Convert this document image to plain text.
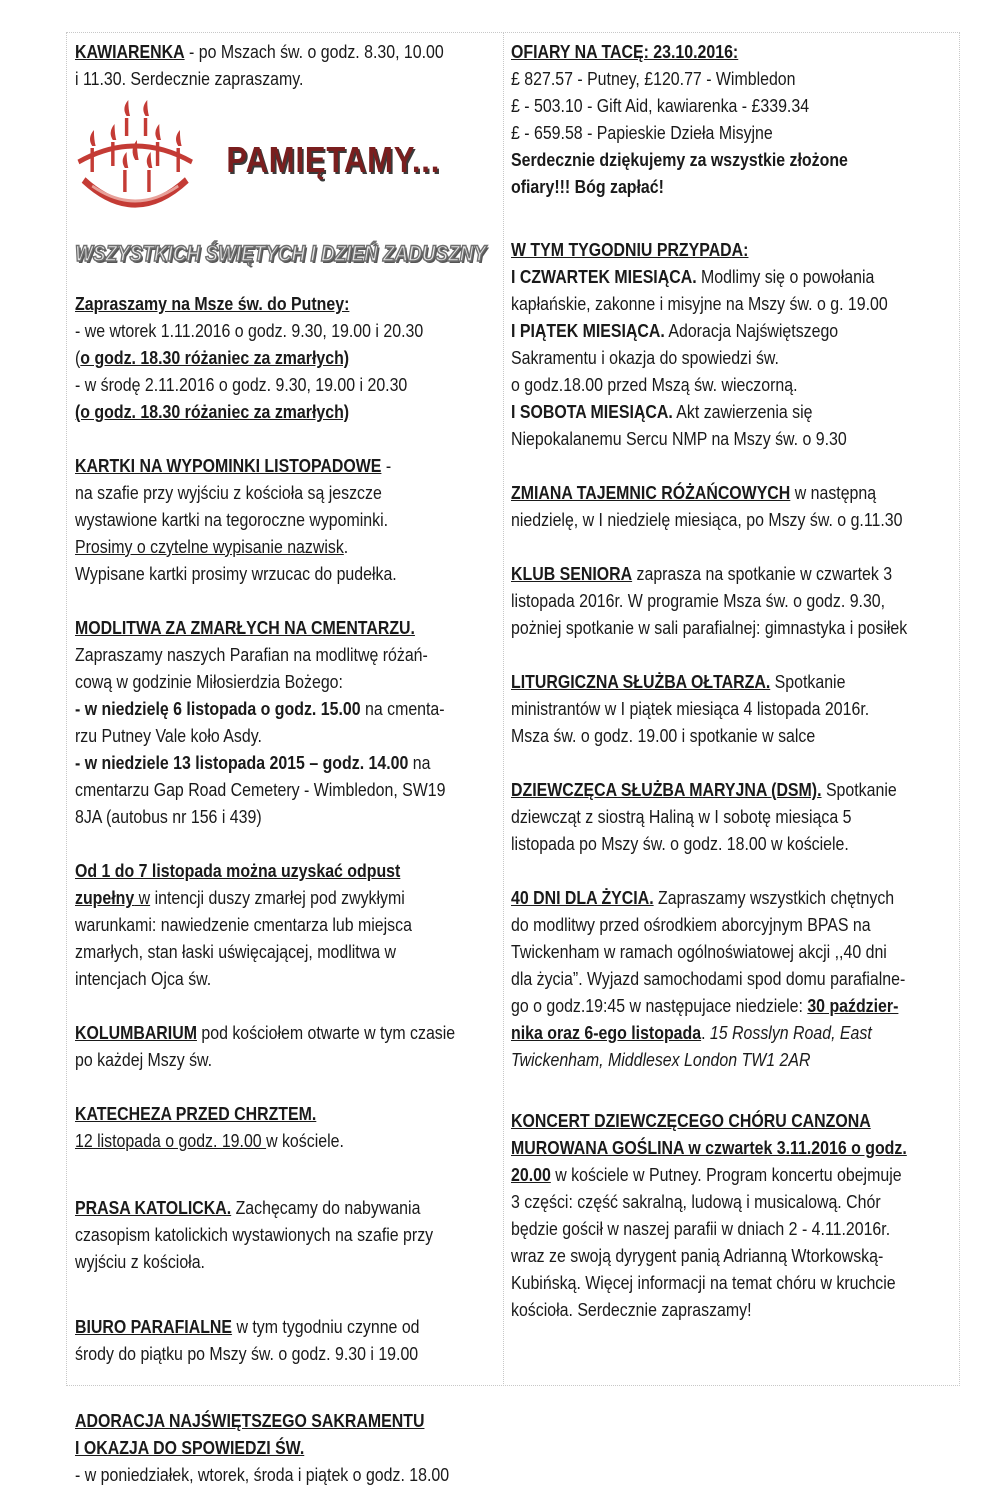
KAWIARENKA - po Mszach św. o godz. 8.30, 10.00

i 11.30. Serdecznie zapraszamy.

PAMIĘTAMY...
WSZYSTKICH ŚWIĘTYCH I DZIEŃ ZADUSZNY

Zapraszamy na Msze św. do Putney:

- we wtorek 1.11.2016 o godz. 9.30, 19.00 i 20.30

(o godz. 18.30 różaniec za zmarłych)

- w środę 2.11.2016 o godz. 9.30, 19.00 i 20.30

(o godz. 18.30 różaniec za zmarłych)

KARTKI NA WYPOMINKI LISTOPADOWE -

na szafie przy wyjściu z kościoła są jeszcze

wystawione kartki na tegoroczne wypominki.

Prosimy o czytelne wypisanie nazwisk.

Wypisane kartki prosimy wrzucac do pudełka.

MODLITWA ZA ZMARŁYCH NA CMENTARZU.

Zapraszamy naszych Parafian na modlitwę różań-

cową w godzinie Miłosierdzia Bożego:

- w niedzielę 6 listopada o godz. 15.00 na cmenta-

rzu Putney Vale koło Asdy.

- w niedziele 13 listopada 2015 – godz. 14.00 na

cmentarzu Gap Road Cemetery - Wimbledon, SW19

8JA (autobus nr 156 i 439)

Od 1 do 7 listopada można uzyskać odpust

zupełny w intencji duszy zmarłej pod zwykłymi

warunkami: nawiedzenie cmentarza lub miejsca

zmarłych, stan łaski uświęcającej, modlitwa w

intencjach Ojca św.

KOLUMBARIUM pod kościołem otwarte w tym czasie

po każdej Mszy św.

KATECHEZA PRZED CHRZTEM.

12 listopada o godz. 19.00 w kościele.

PRASA KATOLICKA. Zachęcamy do nabywania

czasopism katolickich wystawionych na szafie przy

wyjściu z kościoła.

BIURO PARAFIALNE w tym tygodniu czynne od

środy do piątku po Mszy św. o godz. 9.30 i 19.00

ADORACJA NAJŚWIĘTSZEGO SAKRAMENTU

I OKAZJA DO SPOWIEDZI ŚW.

- w poniedziałek, wtorek, środa i piątek o godz. 18.00

OFIARY NA TACĘ: 23.10.2016:

£ 827.57 - Putney, £120.77 - Wimbledon

£ - 503.10 - Gift Aid, kawiarenka - £339.34

£ - 659.58 - Papieskie Dzieła Misyjne

Serdecznie dziękujemy za wszystkie złożone

ofiary!!! Bóg zapłać!

W TYM TYGODNIU PRZYPADA:

I CZWARTEK MIESIĄCA. Modlimy się o powołania

kapłańskie, zakonne i misyjne na Mszy św. o g. 19.00

I PIĄTEK MIESIĄCA. Adoracja Najświętszego

Sakramentu i okazja do spowiedzi św.

o godz.18.00 przed Mszą św. wieczorną.

I SOBOTA MIESIĄCA. Akt zawierzenia się

Niepokalanemu Sercu NMP na Mszy św. o 9.30

ZMIANA TAJEMNIC RÓŻAŃCOWYCH w następną

niedzielę, w I niedzielę miesiąca, po Mszy św. o g.11.30

KLUB SENIORA zaprasza na spotkanie w czwartek 3

listopada 2016r. W programie Msza św. o godz. 9.30,

pożniej spotkanie w sali parafialnej: gimnastyka i posiłek

LITURGICZNA SŁUŻBA OŁTARZA. Spotkanie

ministrantów w I piątek miesiąca 4 listopada 2016r.

Msza św. o godz. 19.00 i spotkanie w salce

DZIEWCZĘCA SŁUŻBA MARYJNA (DSM). Spotkanie

dziewcząt z siostrą Haliną w I sobotę miesiąca 5

listopada po Mszy św. o godz. 18.00 w kościele.

40 DNI DLA ŻYCIA. Zapraszamy wszystkich chętnych

do modlitwy przed ośrodkiem aborcyjnym BPAS na

Twickenham w ramach ogólnoświatowej akcji ,,40 dni

dla życia”. Wyjazd samochodami spod domu parafialne-

go o godz.19:45 w następujace niedziele: 30 paździer-

nika oraz 6-ego listopada. 15 Rosslyn Road, East

Twickenham, Middlesex London TW1 2AR

KONCERT DZIEWCZĘCEGO CHÓRU CANZONA

MUROWANA GOŚLINA w czwartek 3.11.2016 o godz.

20.00 w kościele w Putney. Program koncertu obejmuje

3 części: część sakralną, ludową i musicalową. Chór

będzie gościł w naszej parafii w dniach 2 - 4.11.2016r.

wraz ze swoją dyrygent panią Adrianną Wtorkowską-

Kubińską. Więcej informacji na temat chóru w kruchcie

kościoła. Serdecznie zapraszamy!
